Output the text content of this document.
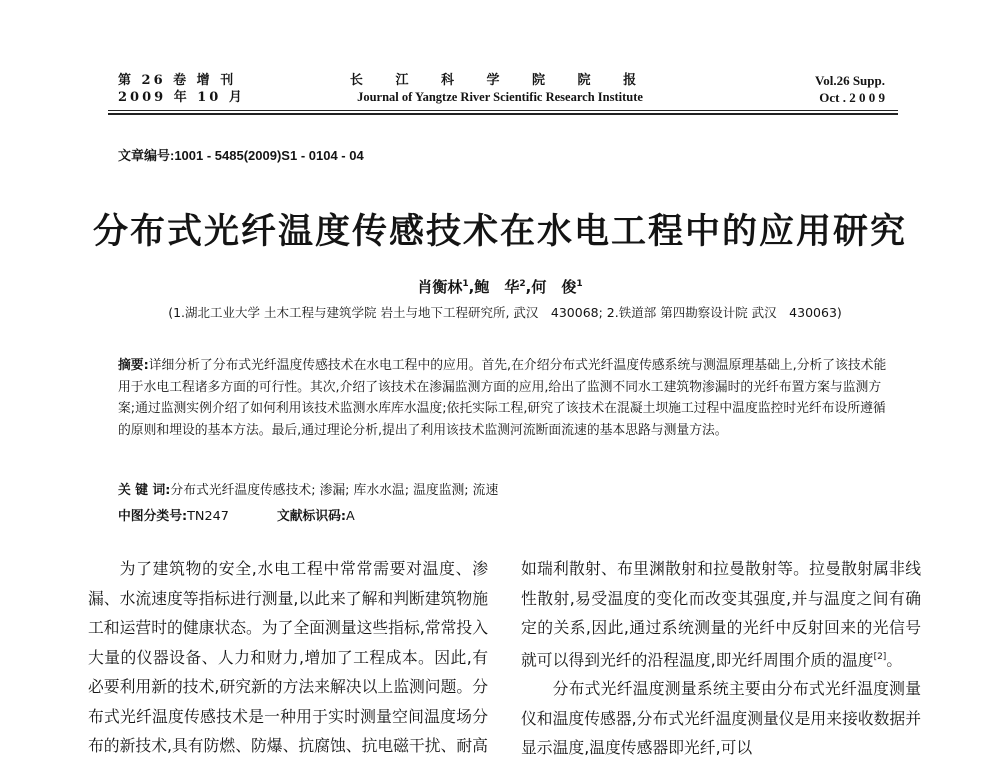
第 26 卷 增 刊
2009 年 10 月
长 江 科 学 院 院 报
Journal of Yangtze River Scientific Research Institute
Vol.26 Supp.
Oct . 2 0 0 9
文章编号:1001 - 5485(2009)S1 - 0104 - 04
分布式光纤温度传感技术在水电工程中的应用研究
肖衡林$^1$,鲍　华$^2$,何　俊$^1$
(1.湖北工业大学 土木工程与建筑学院 岩土与地下工程研究所, 武汉　430068; 2.铁道部 第四勘察设计院 武汉　430063)
摘要:详细分析了分布式光纤温度传感技术在水电工程中的应用。首先,在介绍分布式光纤温度传感系统与测温原理基础上,分析了该技术能用于水电工程诸多方面的可行性。其次,介绍了该技术在渗漏监测方面的应用,给出了监测不同水工建筑物渗漏时的光纤布置方案与监测方案;通过监测实例介绍了如何利用该技术监测水库库水温度;依托实际工程,研究了该技术在混凝土坝施工过程中温度监控时光纤布设所遵循的原则和埋设的基本方法。最后,通过理论分析,提出了利用该技术监测河流断面流速的基本思路与测量方法。
关 键 词:分布式光纤温度传感技术; 渗漏; 库水水温; 温度监测; 流速
中图分类号:TN247	文献标识码:A

为了建筑物的安全,水电工程中常常需要对温度、渗漏、水流速度等指标进行测量,以此来了解和判断建筑物施工和运营时的健康状态。为了全面测量这些指标,常常投入大量的仪器设备、人力和财力,增加了工程成本。因此,有必要利用新的技术,研究新的方法来解决以上监测问题。分布式光纤温度传感技术是一种用于实时测量空间温度场分布的新技术,具有防燃、防爆、抗腐蚀、抗电磁干扰、耐高

如瑞利散射、布里渊散射和拉曼散射等。拉曼散射属非线性散射,易受温度的变化而改变其强度,并与温度之间有确定的关系,因此,通过系统测量的光纤中反射回来的光信号就可以得到光纤的沿程温度,即光纤周围介质的温度[2]。

分布式光纤温度测量系统主要由分布式光纤温度测量仪和温度传感器,分布式光纤温度测量仪是用来接收数据并显示温度,温度传感器即光纤,可以
